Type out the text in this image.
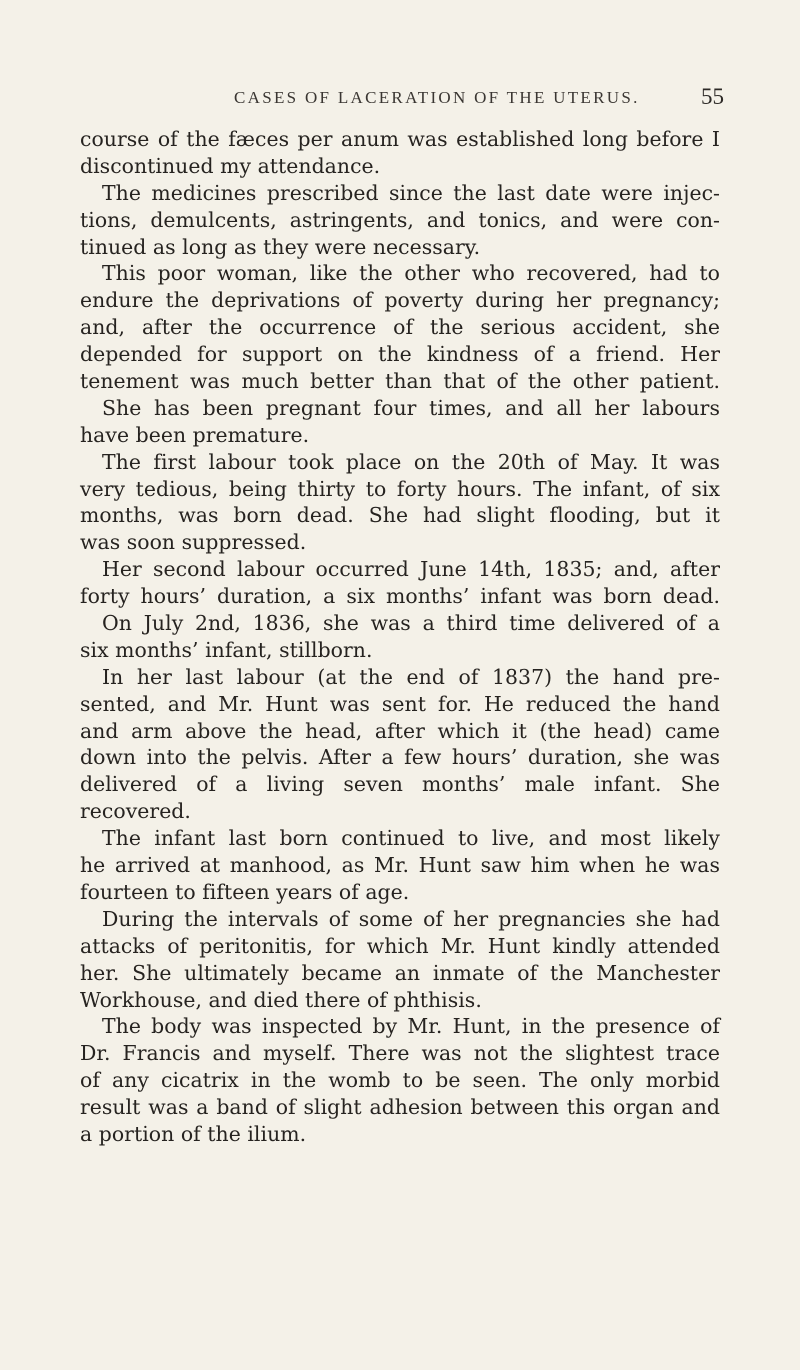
CASES OF LACERATION OF THE UTERUS.	55
course of the fæces per anum was established long before I
discontinued my attendance.
The medicines prescribed since the last date were injec-
tions, demulcents, astringents, and tonics, and were con-
tinued as long as they were necessary.
This poor woman, like the other who recovered, had to
endure the deprivations of poverty during her pregnancy;
and, after the occurrence of the serious accident, she
depended for support on the kindness of a friend. Her
tenement was much better than that of the other patient.
She has been pregnant four times, and all her labours
have been premature.
The first labour took place on the 20th of May. It was
very tedious, being thirty to forty hours. The infant, of six
months, was born dead. She had slight flooding, but it
was soon suppressed.
Her second labour occurred June 14th, 1835; and, after
forty hours’ duration, a six months’ infant was born dead.
On July 2nd, 1836, she was a third time delivered of a
six months’ infant, stillborn.
In her last labour (at the end of 1837) the hand pre-
sented, and Mr. Hunt was sent for. He reduced the hand
and arm above the head, after which it (the head) came
down into the pelvis. After a few hours’ duration, she was
delivered of a living seven months’ male infant. She
recovered.
The infant last born continued to live, and most likely
he arrived at manhood, as Mr. Hunt saw him when he was
fourteen to fifteen years of age.
During the intervals of some of her pregnancies she had
attacks of peritonitis, for which Mr. Hunt kindly attended
her. She ultimately became an inmate of the Manchester
Workhouse, and died there of phthisis.
The body was inspected by Mr. Hunt, in the presence of
Dr. Francis and myself. There was not the slightest trace
of any cicatrix in the womb to be seen. The only morbid
result was a band of slight adhesion between this organ and
a portion of the ilium.
